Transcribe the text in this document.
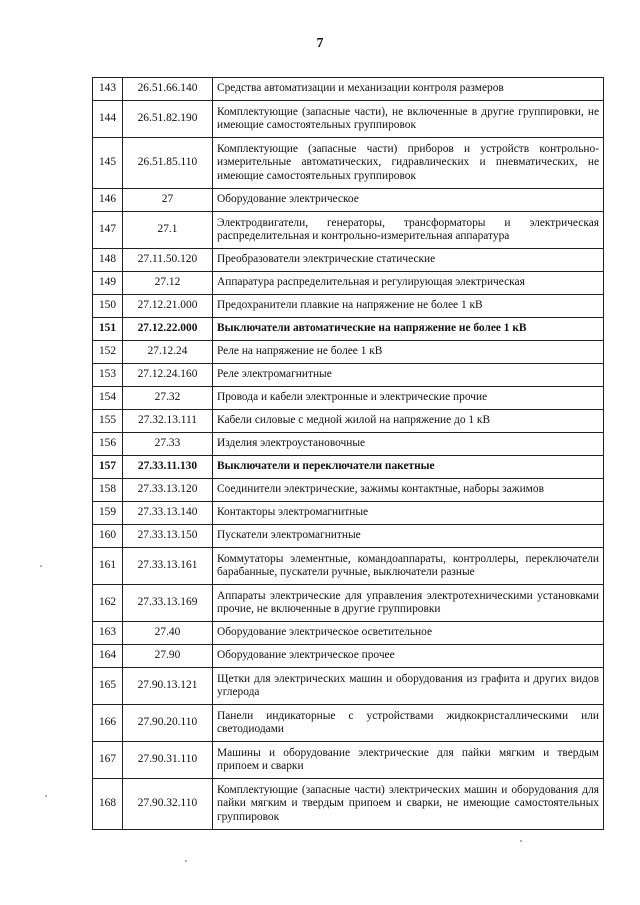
7
143	26.51.66.140	Средства автоматизации и механизации контроля размеров
144	26.51.82.190	Комплектующие (запасные части), не включенные в другие группировки, не имеющие самостоятельных группировок
145	26.51.85.110	Комплектующие (запасные части) приборов и устройств контрольно-измерительные автоматических, гидравлических и пневматических, не имеющие самостоятельных группировок
146	27	Оборудование электрическое
147	27.1	Электродвигатели, генераторы, трансформаторы и электрическая распределительная и контрольно-измерительная аппаратура
148	27.11.50.120	Преобразователи электрические статические
149	27.12	Аппаратура распределительная и регулирующая электрическая
150	27.12.21.000	Предохранители плавкие на напряжение не более 1 кВ
151	27.12.22.000	Выключатели автоматические на напряжение не более 1 кВ
152	27.12.24	Реле на напряжение не более 1 кВ
153	27.12.24.160	Реле электромагнитные
154	27.32	Провода и кабели электронные и электрические прочие
155	27.32.13.111	Кабели силовые с медной жилой на напряжение до 1 кВ
156	27.33	Изделия электроустановочные
157	27.33.11.130	Выключатели и переключатели пакетные
158	27.33.13.120	Соединители электрические, зажимы контактные, наборы зажимов
159	27.33.13.140	Контакторы электромагнитные
160	27.33.13.150	Пускатели электромагнитные
161	27.33.13.161	Коммутаторы элементные, командоаппараты, контроллеры, переключатели барабанные, пускатели ручные, выключатели разные
162	27.33.13.169	Аппараты электрические для управления электротехническими установками прочие, не включенные в другие группировки
163	27.40	Оборудование электрическое осветительное
164	27.90	Оборудование электрическое прочее
165	27.90.13.121	Щетки для электрических машин и оборудования из графита и других видов углерода
166	27.90.20.110	Панели индикаторные с устройствами жидкокристаллическими или светодиодами
167	27.90.31.110	Машины и оборудование электрические для пайки мягким и твердым припоем и сварки
168	27.90.32.110	Комплектующие (запасные части) электрических машин и оборудования для пайки мягким и твердым припоем и сварки, не имеющие самостоятельных группировок
